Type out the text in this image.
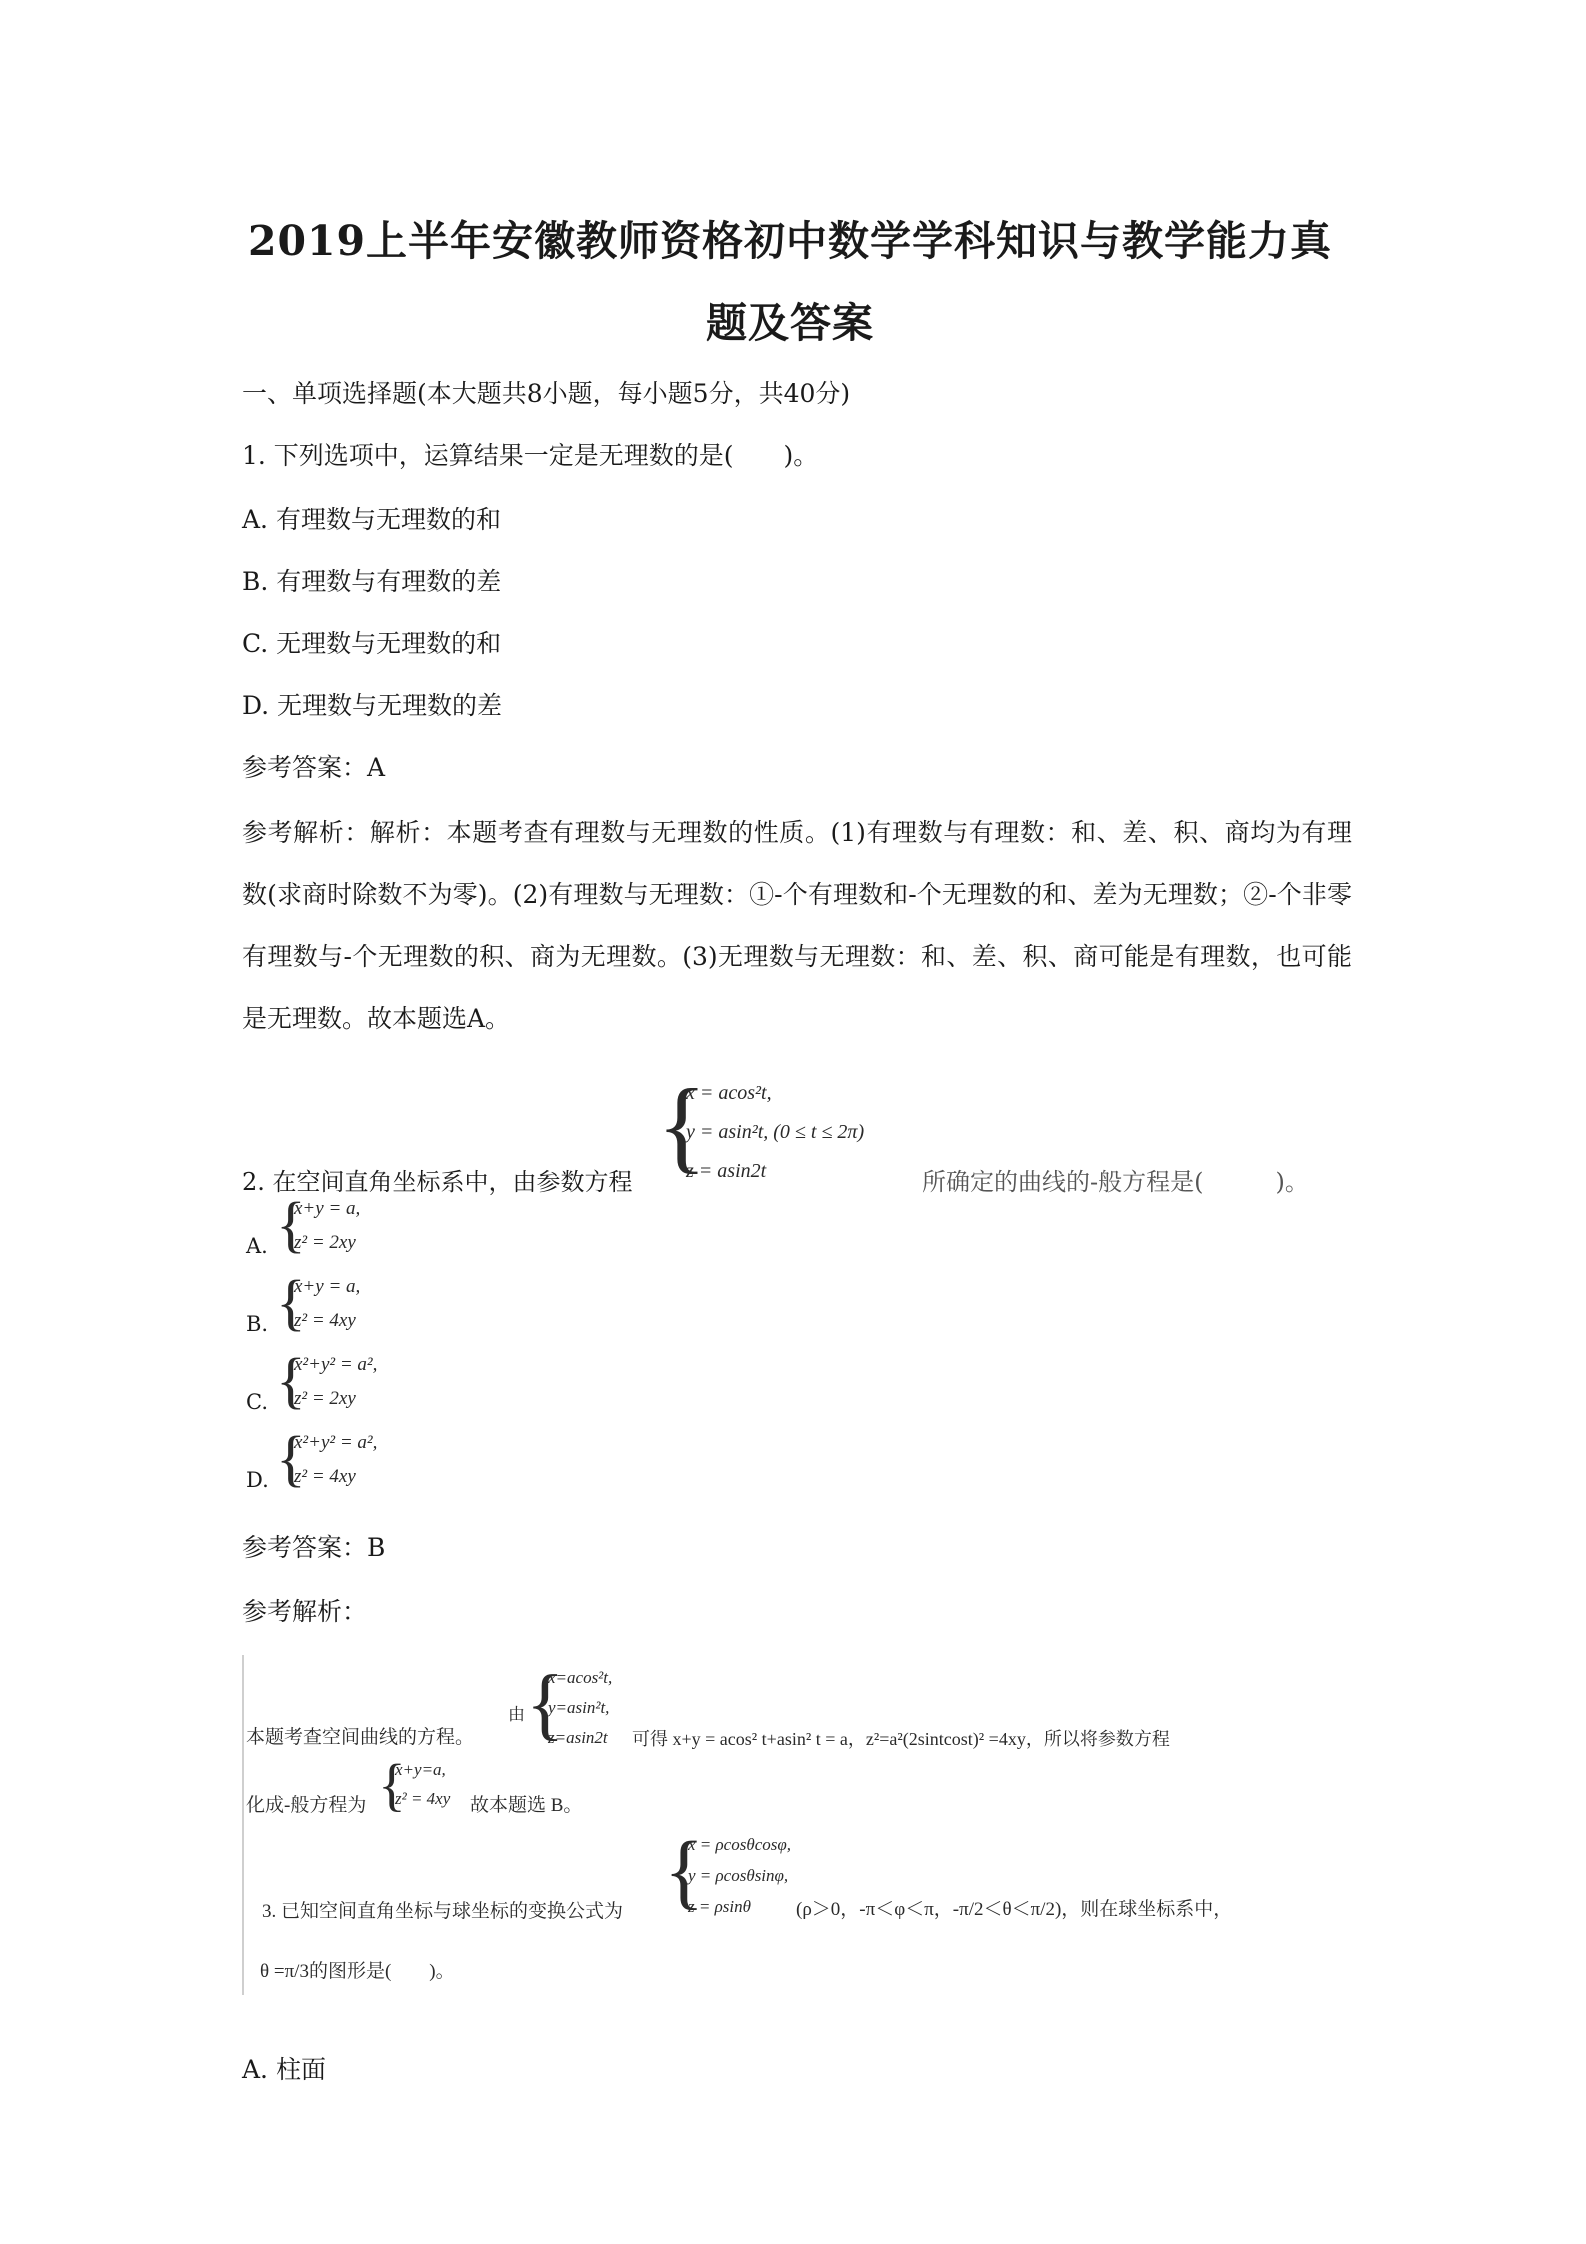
2019上半年安徽教师资格初中数学学科知识与教学能力真
题及答案
一、单项选择题(本大题共8小题，每小题5分，共40分)
1. 下列选项中，运算结果一定是无理数的是(　　)。
A. 有理数与无理数的和
B. 有理数与有理数的差
C. 无理数与无理数的和
D. 无理数与无理数的差
参考答案：A
参考解析：解析：本题考查有理数与无理数的性质。(1)有理数与有理数：和、差、积、商均为有理数(求商时除数不为零)。(2)有理数与无理数：①-个有理数和-个无理数的和、差为无理数；②-个非零有理数与-个无理数的积、商为无理数。(3)无理数与无理数：和、差、积、商可能是有理数，也可能是无理数。故本题选A。
2. 在空间直角坐标系中，由参数方程 {
x = acos²t,
y = asin²t, (0 ≤ t ≤ 2π)
z = asin2t	所确定的曲线的-般方程是(　　　)。
A. {
x+y = a,
z² = 2xy
B. {
x+y = a,
z² = 4xy
C. {
x²+y² = a²,
z² = 2xy
D. {
x²+y² = a²,
z² = 4xy
参考答案：B
参考解析：
本题考查空间曲线的方程。
由 {
x=acos²t,
y=asin²t,
z=asin2t 可得 x+y = acos² t+asin² t = a，z²=a²(2sintcost)² =4xy，所以将参数方程
化成-般方程为 {
x+y=a,
z² = 4xy 故本题选 B。
3. 已知空间直角坐标与球坐标的变换公式为 {
x = ρcosθcosφ,
y = ρcosθsinφ,
z = ρsinθ (ρ＞0，-π＜φ＜π，-π/2＜θ＜π/2)，则在球坐标系中，
θ =π/3的图形是(　　)。
A. 柱面
